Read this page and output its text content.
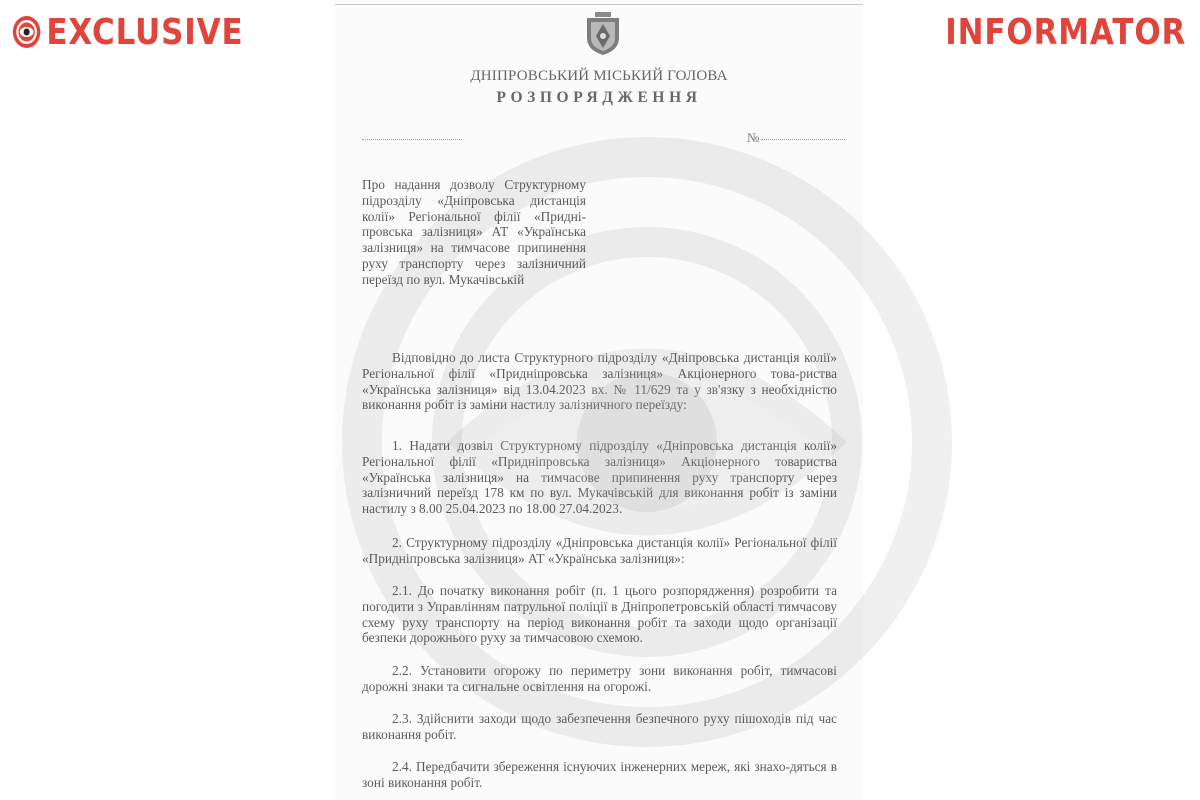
EXCLUSIVE	INFORMATOR
ДНІПРОВСЬКИЙ МІСЬКИЙ ГОЛОВА
РОЗПОРЯДЖЕННЯ
№
Про надання дозволу Структурному підрозділу «Дніпровська дистанція колії» Регіональної філії «Придні-провська залізниця» АТ «Українська залізниця» на тимчасове припинення руху транспорту через залізничний переїзд по вул. Мукачівській
Відповідно до листа Структурного підрозділу «Дніпровська дистанція колії» Регіональної філії «Придніпровська залізниця» Акціонерного това-риства «Українська залізниця» від 13.04.2023 вх. № 11/629 та у зв'язку з необхідністю виконання робіт із заміни настилу залізничного переїзду:
1. Надати дозвіл Структурному підрозділу «Дніпровська дистанція колії» Регіональної філії «Придніпровська залізниця» Акціонерного товариства «Українська залізниця» на тимчасове припинення руху транспорту через залізничний переїзд 178 км по вул. Мукачівській для виконання робіт із заміни настилу з 8.00 25.04.2023 по 18.00 27.04.2023.
2. Структурному підрозділу «Дніпровська дистанція колії» Регіональної філії «Придніпровська залізниця» АТ «Українська залізниця»:
2.1. До початку виконання робіт (п. 1 цього розпорядження) розробити та погодити з Управлінням патрульної поліції в Дніпропетровській області тимчасову схему руху транспорту на період виконання робіт та заходи щодо організації безпеки дорожнього руху за тимчасовою схемою.
2.2. Установити огорожу по периметру зони виконання робіт, тимчасові дорожні знаки та сигнальне освітлення на огорожі.
2.3. Здійснити заходи щодо забезпечення безпечного руху пішоходів під час виконання робіт.
2.4. Передбачити збереження існуючих інженерних мереж, які знахо-дяться в зоні виконання робіт.
